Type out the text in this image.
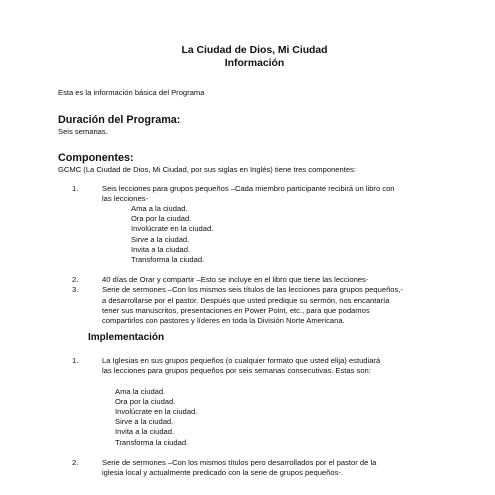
La Ciudad de Dios, Mi Ciudad
Información
Esta es la información básica del Programa
Duración del Programa:

Seis semanas.

Componentes:

GCMC (La Ciudad de Dios, Mi Ciudad, por sus siglas en Inglés) tiene tres componentes:

1.	Seis lecciones para grupos pequeños –Cada miembro participante recibirá un libro con
las lecciones-
Ama a la ciudad.
Ora por la ciudad.
Involúcrate en la ciudad.
Sirve a la ciudad.
Invita a la ciudad.
Transforma la ciudad.
2.	40 días de Orar y compartir –Esto se incluye en el libro que tiene las lecciones-
3.	Serie de sermones –Con los mismos seis títulos de las lecciones para grupos pequeños,-
a desarrollarse por el pastor. Después que usted predique su sermón, nos encantaría
tener sus manuscritos, presentaciones en Power Point, etc., para que podamos
compartirlos con pastores y líderes en toda la División Norte Americana.
Implementación
1.	La Iglesias en sus grupos pequeños (o cualquier formato que usted elija) estudiará
las lecciones para grupos pequeños por seis semanas consecutivas. Estas son:
Ama la ciudad.
Ora por la ciudad.
Involúcrate en la ciudad.
Sirve a la ciudad.
Invita a la ciudad.
Transforma la ciudad.
2.	Serie de sermones –Con los mismos títulos pero desarrollados por el pastor de la
iglesia local y actualmente predicado con la serie de grupos pequeños-.
